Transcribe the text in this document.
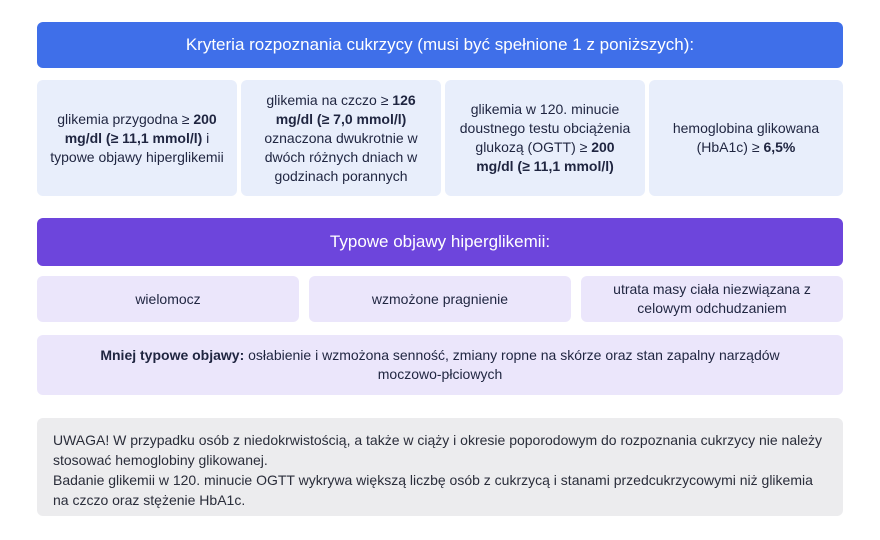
Kryteria rozpoznania cukrzycy (musi być spełnione 1 z poniższych):
glikemia przygodna ≥ 200 mg/dl (≥ 11,1 mmol/l) i typowe objawy hiperglikemii
glikemia na czczo ≥ 126 mg/dl (≥ 7,0 mmol/l) oznaczona dwukrotnie w dwóch różnych dniach w godzinach porannych
glikemia w 120. minucie doustnego testu obciążenia glukozą (OGTT) ≥ 200 mg/dl (≥ 11,1 mmol/l)
hemoglobina glikowana (HbA1c) ≥ 6,5%
Typowe objawy hiperglikemii:
wielomocz	wzmożone pragnienie
utrata masy ciała niezwiązana z celowym odchudzaniem
Mniej typowe objawy: osłabienie i wzmożona senność, zmiany ropne na skórze oraz stan zapalny narządów moczowo-płciowych
UWAGA! W przypadku osób z niedokrwistością, a także w ciąży i okresie poporodowym do rozpoznania cukrzycy nie należy stosować hemoglobiny glikowanej.
Badanie glikemii w 120. minucie OGTT wykrywa większą liczbę osób z cukrzycą i stanami przedcukrzycowymi niż glikemia na czczo oraz stężenie HbA1c.
